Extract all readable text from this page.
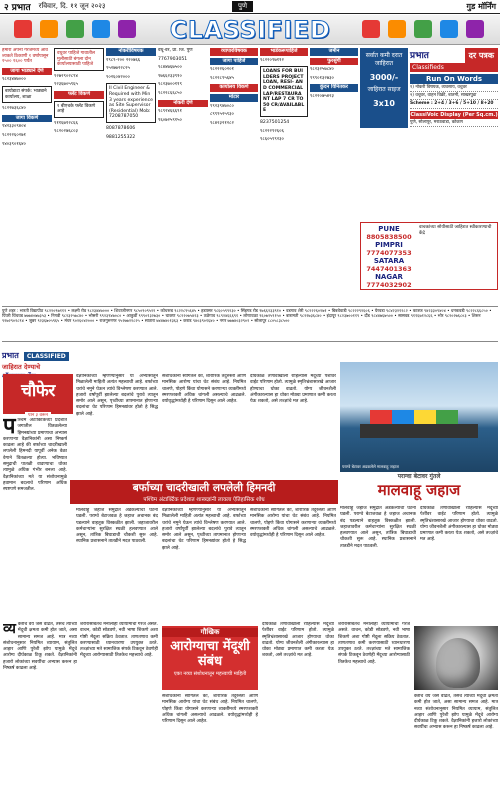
२ प्रभात रविवार, दि. ११ जून २०२३	पुणे	गुड मॉर्निंग
CLASSIFIED
हमारी अपनी गॅरेजमध्ये आवश्यकते ठिकाणी १ वर्षापासून १५०० १६०० पर्यंत
जागा भाड्याने देणे
९८२३४४७०००
बायोडाटा संपर्क: भाड्याने कार्यालय, शाळा
९८२२७३६८४०
जागा विकणे
९४२३३०९४०४
९८२२२६०२७१
९४०३९०१६४०
वधुवर पाहिजे गावातील मुलीसाठी बंगला दोन कार्यालयासाठी पाहिजे
९२७२९०२८९४
९२३६७०५९६५
फ्लॅट विकणे
१ बीएचके फ्लॅट विकणे आहे
९११६७१२८६६
९८२०२७६८०३
नोकरीविषयक
१९८९-२०० २२०७६६
९५२७७२२८२५
९०२६०४२०००
II Civil Engineer & Required with Min 3 years experience as Site Supervisor (Residential) Mob: 7208787050
8087878606
9881255322
वधू-वर, प्रॉ. जि. पुणे
7767903051
९८४४७६७५००
९७६६२३३९१०
९८२३७००११९
९८२२८६६८५०
नोकरी देणे
९८९२४६६६९१
९६०७२५९१५०
व्यापारविषयक
जागा पाहिजे
९८२२२६०२०१
९८२२८९५६४५
कार्यालय विकणे
मोटार
९९२३९४७०८०
८९९९५२५९३०
९८४२३२१२८२
भाडेकरूपाहिजे
९८२२०९७११२
LOANS FOR BUILDERS PROJECT LOAN, RESI- AND COMMERCIAL LAP/RESTAURANT LAP 7 CR TO 50 CR/AVAILABLE
8237501254
९८२२२९२६०६
९८६०५९९२३०
जमीन
फुरसुंगी
९८२३२५७८४०
९९९०१३२७३०
कुंदन विनितकर
९८२२०७५४२३
सर्वात कमी दरात जाहिरात
3000/-
जाहिरात साइज
3x10
प्रभात	दर पत्रक
Classifieds
Run On Words
१) नोकरी विषयक, व्यवसाय, वधुवर
२) वधूवर, वाहन विक्री, बातमी, साखरपुडा
Scheme : 2+4 / 3+6 / 5+10 / 8+20
ClassiVoic Display (Per Sq.cm.)
पुणे, सोलापूर, मराठवाडा, कोकण
PUNE
8805838500
PIMPRI
7774077353
SATARA
7447401363
NAGAR
7774032902
वाचकांच्या सोयीसाठी जाहिरात स्वीकारण्याची केंद्रे
पुणे शहर : भारती विद्यापीठ ९८२२०९७११२ • लक्ष्मी रोड ९८२३४४७००० • शिवाजीनगर ९८५०९०९५२२ • कोथरूड ९८२२८९५६४५ • हडपसर ९८६०५९९२३० • सिंहगड रोड ९७६६२३३९१० • वडगाव शेरी ९८२२२६०२७१ • बिबवेवाडी ९८२२२९२६०६ • येरवडा ९८४२३२१२८२ • कात्रज ९४२३३०९४०४ • धनकवडी ९८२२८६६८५० • पिंपरी चिंचवड ७७७४०७७३५३ • निगडी ९८२३२५७८४० • भोसरी ९९२३९४७०८० • आकुर्डी ९९९०१३२७३० • चाकण ९८२२०७५४२३ • तळेगाव ९८९२४६६६९१ • लोणावळा ९६०७२५९१५० • बारामती ९८२२७३६८४० • इंदापूर ९८२३७००११९ • दौंड ९८४४७६७५०० • सासवड ९११६७१२८६६ • भोर ९८२०२७६८०३ • शिरूर ९२७२९०२८९४ • जुन्नर ९२३६७०५९६५ • मंचर ९०२६०४२००० • राजगुरुनगर ९५२७७२२८२५ • सातारा ७४४७४०१३६३ • कराड ९४०३९०१६४० • नगर ७७७४०३२९०२ • सोलापूर ८८०५८३८५००
प्रभात CLASSIFIED
जाहिरात देण्याचे
चौफेर
पान ३ वरून
प श्चिम अंटार्क्टिकच्या प्रदेशात जगातील वितळलेल्या हिमनद्यांच्या प्रमाणाचा अभ्यास करणाऱ्या वैज्ञानिकांनी असा निष्कर्ष काढला आहे की बर्फाच्या चादरीखाली लपलेली हिमनदी यापूर्वी अनेक वेळा वेगाने वितळल्या होत्या. भविष्यात समुद्राची पातळी वाढण्याचा धोका त्यामुळे अधिक गंभीर बनला आहे. वैज्ञानिकांच्या मते या संशोधनामुळे हवामान बदलाचे परिणाम अधिक स्पष्टपणे समजतील.
वैज्ञानिकांच्या म्हणण्यानुसार या अभ्यासातून मिळालेली माहिती अत्यंत महत्त्वाची आहे. बर्फाच्या थरांचे नमुने घेऊन त्यांचे विश्लेषण करण्यात आले. हजारो वर्षांपूर्वी झालेल्या बदलांचे पुरावे त्यातून समोर आले असून, पृथ्वीच्या तापमानात होणाऱ्या बदलांचा थेट परिणाम हिमनद्यांवर होतो हे सिद्ध झाले आहे.
संशोधकांनी सांगितले की, शारीरिक तंदुरुस्ती आणि मानसिक आरोग्य यांचा थेट संबंध आहे. नियमित चालणे, पोहणे किंवा योगासने करणाऱ्या व्यक्तींमध्ये स्मरणशक्ती अधिक चांगली असल्याचे आढळले. वयोवृद्धांमध्येही हे परिणाम दिसून आले आहेत.
दीर्घकाळ तणावाखाली राहिल्यास मेंदूच्या पेशींवर वाईट परिणाम होतो. त्यामुळे स्मृतिभ्रंशासारखे आजार होण्याचा धोका वाढतो. योग्य जीवनशैली अंगीकारल्यास हा धोका मोठ्या प्रमाणात कमी करता येऊ शकतो, असे तज्ज्ञांचे मत आहे.
बर्फाच्या चादरीखाली लपलेली हिमनदी
पश्चिम अंटार्क्टिक प्रदेशात शास्त्रज्ञांनी लावला ऐतिहासिक शोध
मालवाहू जहाज समुद्रात अडकल्याची घटना घडली. पराग्वे बेटाजवळ हे जहाज अचानक बंद पडल्याने वाहतूक विस्कळीत झाली. जहाजावरील कर्मचाऱ्यांना सुरक्षित स्थळी हलवण्यात आले असून, तांत्रिक बिघाडाची चौकशी सुरू आहे. स्थानिक प्रशासनाने तातडीने मदत पाठवली.
वैज्ञानिकांच्या म्हणण्यानुसार या अभ्यासातून मिळालेली माहिती अत्यंत महत्त्वाची आहे. बर्फाच्या थरांचे नमुने घेऊन त्यांचे विश्लेषण करण्यात आले. हजारो वर्षांपूर्वी झालेल्या बदलांचे पुरावे त्यातून समोर आले असून, पृथ्वीच्या तापमानात होणाऱ्या बदलांचा थेट परिणाम हिमनद्यांवर होतो हे सिद्ध झाले आहे.
संशोधकांनी सांगितले की, शारीरिक तंदुरुस्ती आणि मानसिक आरोग्य यांचा थेट संबंध आहे. नियमित चालणे, पोहणे किंवा योगासने करणाऱ्या व्यक्तींमध्ये स्मरणशक्ती अधिक चांगली असल्याचे आढळले. वयोवृद्धांमध्येही हे परिणाम दिसून आले आहेत.
पराग्वे बेटावर अडकलेले मालवाहू जहाज
पराग्वा बेटावर गुंतले
मालवाहू जहाज
मालवाहू जहाज समुद्रात अडकल्याची घटना घडली. पराग्वे बेटाजवळ हे जहाज अचानक बंद पडल्याने वाहतूक विस्कळीत झाली. जहाजावरील कर्मचाऱ्यांना सुरक्षित स्थळी हलवण्यात आले असून, तांत्रिक बिघाडाची चौकशी सुरू आहे. स्थानिक प्रशासनाने तातडीने मदत पाठवली.
दीर्घकाळ तणावाखाली राहिल्यास मेंदूच्या पेशींवर वाईट परिणाम होतो. त्यामुळे स्मृतिभ्रंशासारखे आजार होण्याचा धोका वाढतो. योग्य जीवनशैली अंगीकारल्यास हा धोका मोठ्या प्रमाणात कमी करता येऊ शकतो, असे तज्ज्ञांचे मत आहे.
व्य क्तीचे वय जसे वाढते, तसेच त्याच्या मेंदूची क्षमता कमी होत जाते, असा सामान्य समज आहे. मात्र नव्या संशोधनानुसार नियमित व्यायाम, संतुलित आहार आणि पुरेशी झोप यामुळे मेंदूचे आरोग्य दीर्घकाळ टिकू शकते. वैज्ञानिकांनी हजारो लोकांच्या सवयींचा अभ्यास करून हा निष्कर्ष काढला आहे.
शरीरासोबतच मनालाही व्यायामाची गरज असते. वाचन, कोडी सोडवणे, नवी भाषा शिकणे अशा गोष्टी मेंदूला सक्रिय ठेवतात. ताणतणाव कमी करण्यासाठी ध्यानधारणा उपयुक्त ठरते. तज्ज्ञांच्या मते सामाजिक संपर्क टिकवून ठेवणेही मेंदूच्या आरोग्यासाठी तितकेच महत्त्वाचे आहे.
गौखिक
आरोग्याचा मेंदूशी संबंध
एका नव्या संशोधनातून महत्त्वाची माहिती
संशोधकांनी सांगितले की, शारीरिक तंदुरुस्ती आणि मानसिक आरोग्य यांचा थेट संबंध आहे. नियमित चालणे, पोहणे किंवा योगासने करणाऱ्या व्यक्तींमध्ये स्मरणशक्ती अधिक चांगली असल्याचे आढळले. वयोवृद्धांमध्येही हे परिणाम दिसून आले आहेत.
दीर्घकाळ तणावाखाली राहिल्यास मेंदूच्या पेशींवर वाईट परिणाम होतो. त्यामुळे स्मृतिभ्रंशासारखे आजार होण्याचा धोका वाढतो. योग्य जीवनशैली अंगीकारल्यास हा धोका मोठ्या प्रमाणात कमी करता येऊ शकतो, असे तज्ज्ञांचे मत आहे.
शरीरासोबतच मनालाही व्यायामाची गरज असते. वाचन, कोडी सोडवणे, नवी भाषा शिकणे अशा गोष्टी मेंदूला सक्रिय ठेवतात. ताणतणाव कमी करण्यासाठी ध्यानधारणा उपयुक्त ठरते. तज्ज्ञांच्या मते सामाजिक संपर्क टिकवून ठेवणेही मेंदूच्या आरोग्यासाठी तितकेच महत्त्वाचे आहे.
क्तीचे वय जसे वाढते, तसेच त्याच्या मेंदूची क्षमता कमी होत जाते, असा सामान्य समज आहे. मात्र नव्या संशोधनानुसार नियमित व्यायाम, संतुलित आहार आणि पुरेशी झोप यामुळे मेंदूचे आरोग्य दीर्घकाळ टिकू शकते. वैज्ञानिकांनी हजारो लोकांच्या सवयींचा अभ्यास करून हा निष्कर्ष काढला आहे.
